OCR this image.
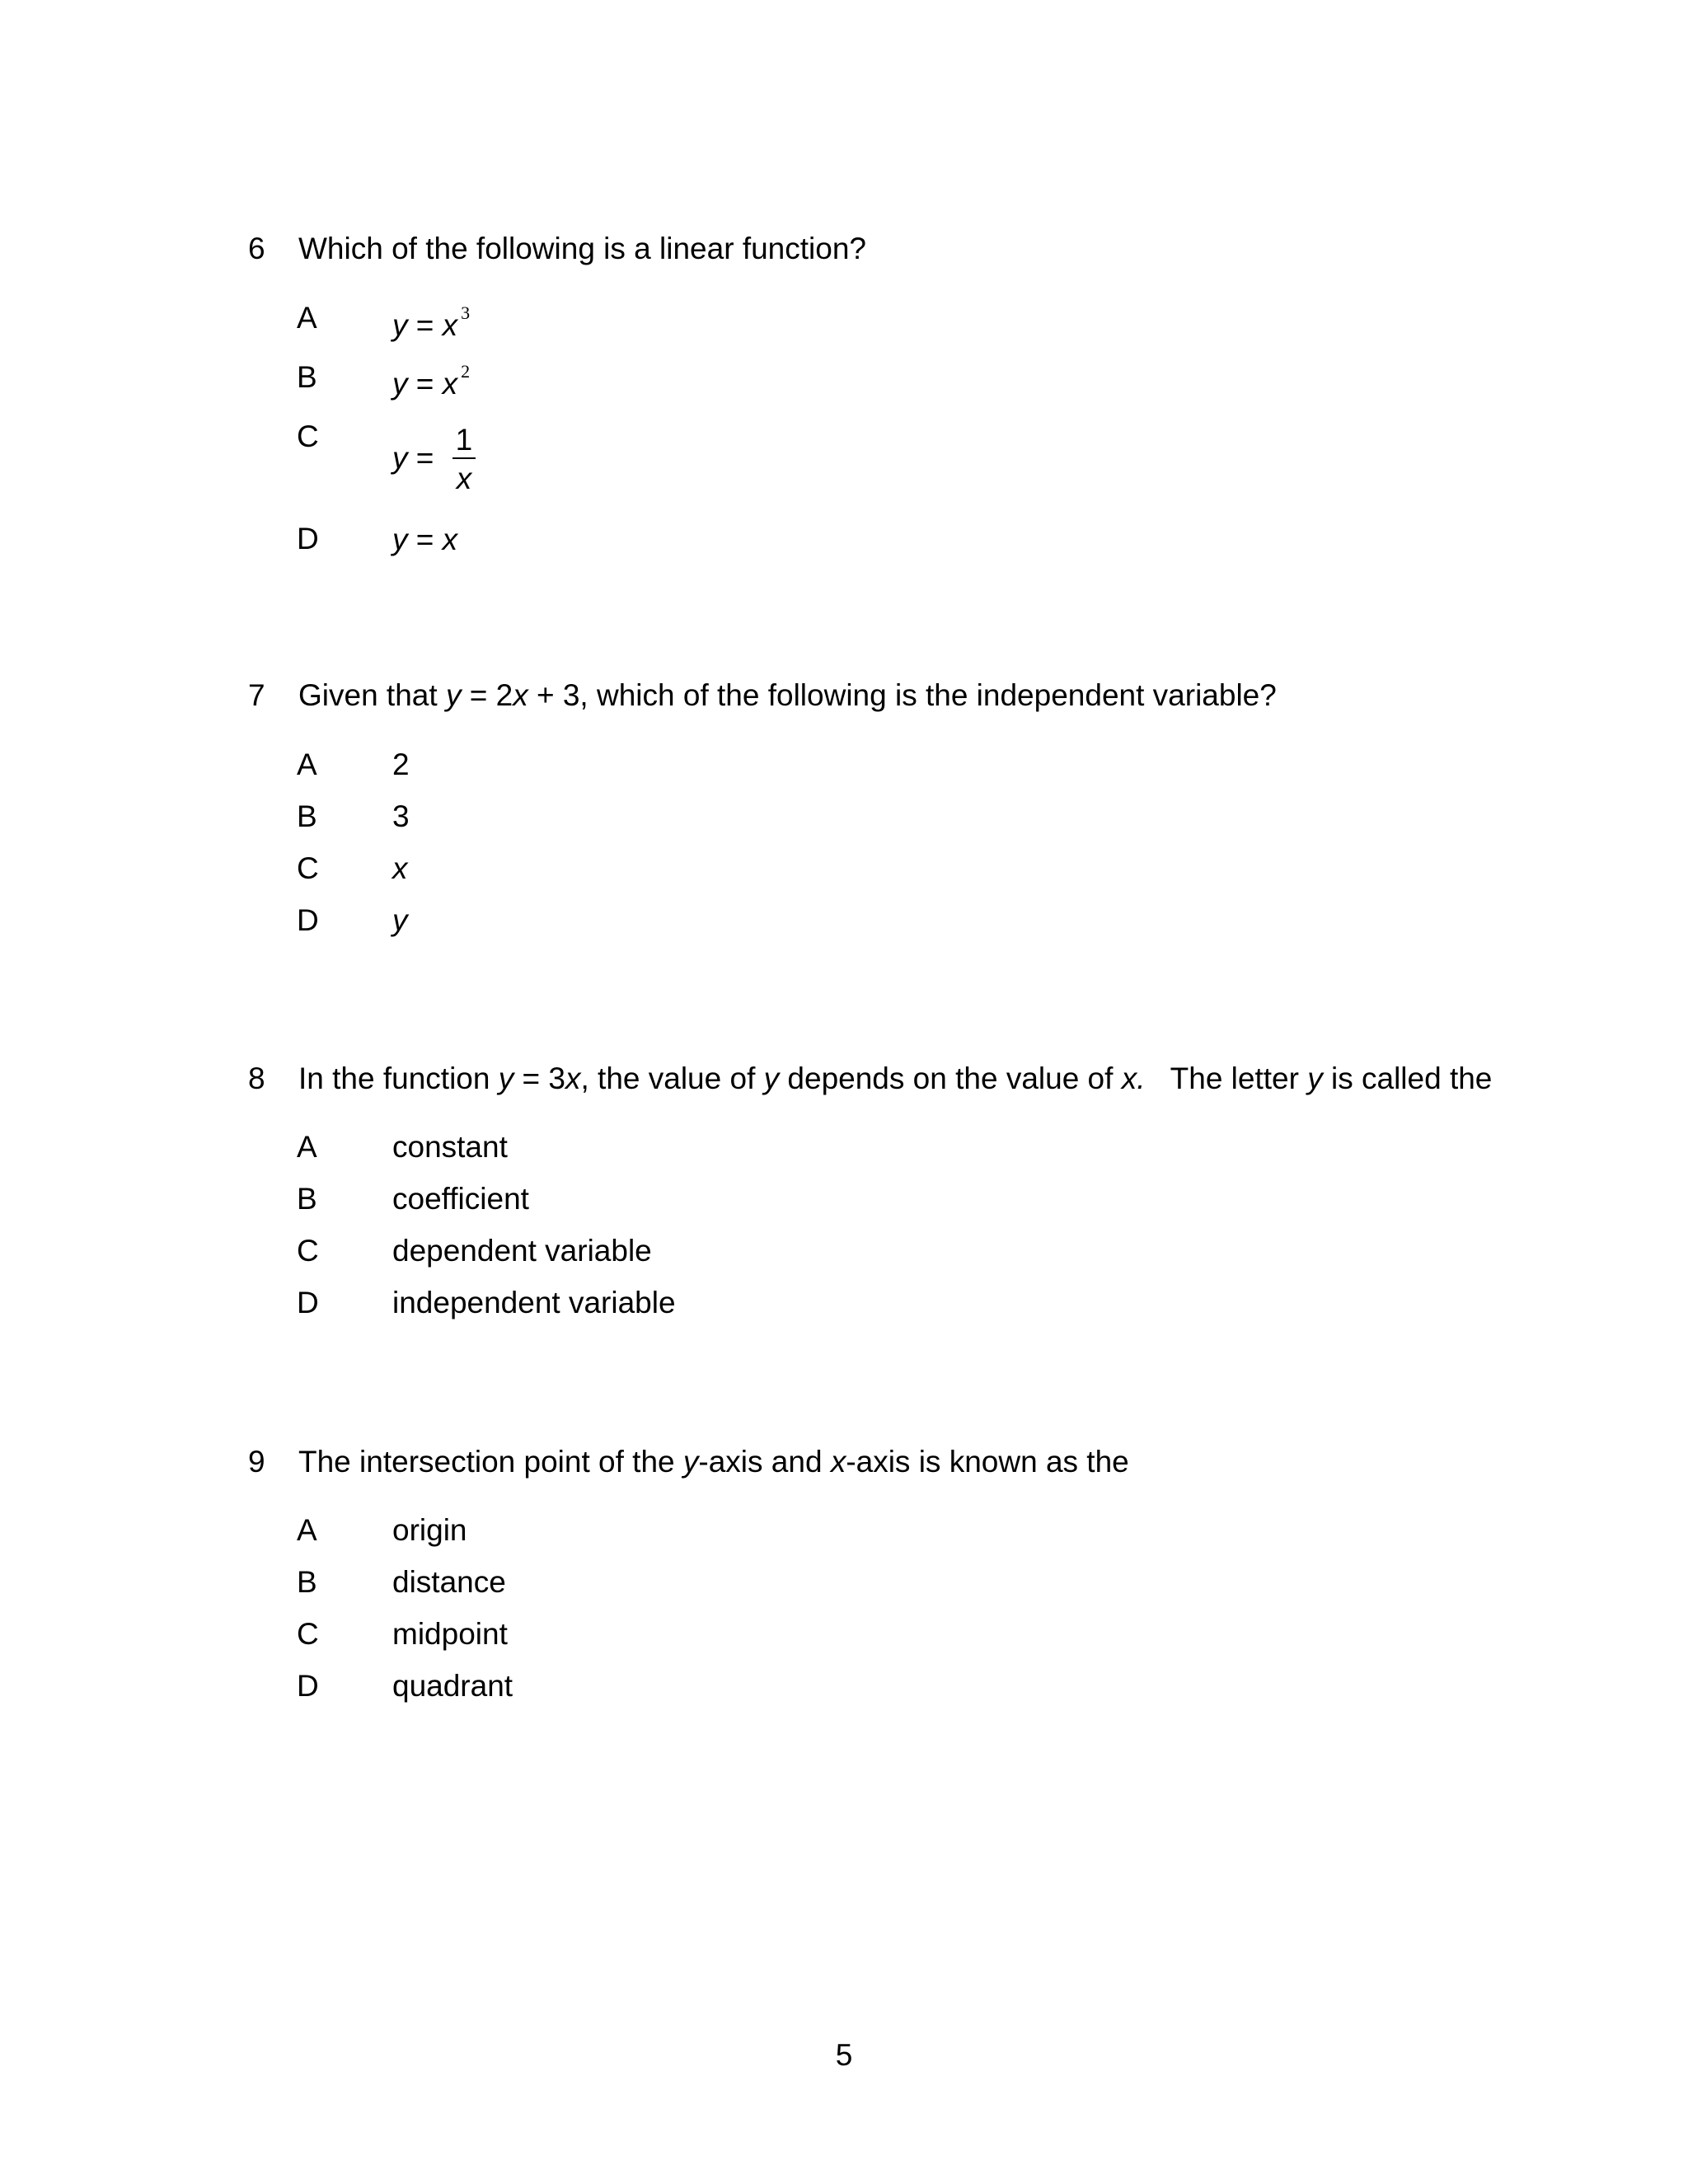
6 Which of the following is a linear function?
A y = x $^3$
B y = x $^2$
C
$y = \frac{1}{x}$
D y = x
7 Given that y = 2x + 3, which of the following is the independent variable?
A 2
B 3
C x
D y
8 In the function y = 3x, the value of y depends on the value of x.   The letter y is called the
A constant
B coefficient
C dependent variable
D independent variable
9 The intersection point of the y-axis and x-axis is known as the
A origin
B distance
C midpoint
D quadrant
5
